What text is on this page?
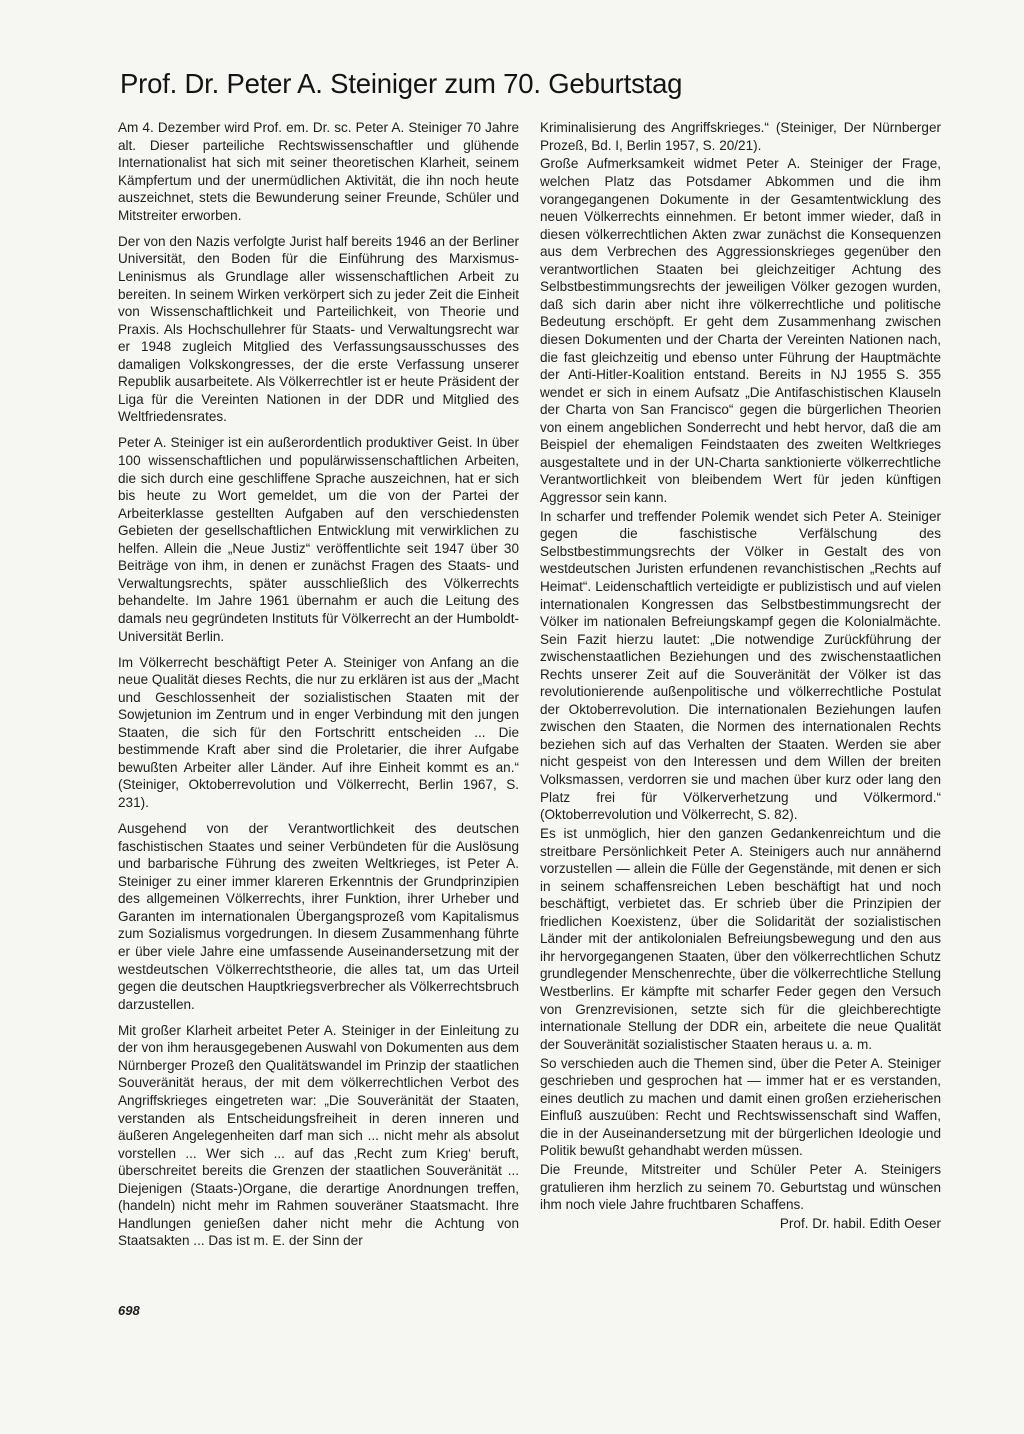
Prof. Dr. Peter A. Steiniger zum 70. Geburtstag

Am 4. Dezember wird Prof. em. Dr. sc. Peter A. Steiniger 70 Jahre alt. Dieser parteiliche Rechtswissenschaftler und glühende Internationalist hat sich mit seiner theoretischen Klarheit, seinem Kämpfertum und der unermüdlichen Aktivität, die ihn noch heute auszeichnet, stets die Bewunderung seiner Freunde, Schüler und Mitstreiter erworben.

Der von den Nazis verfolgte Jurist half bereits 1946 an der Berliner Universität, den Boden für die Einführung des Marxismus-Leninismus als Grundlage aller wissenschaftlichen Arbeit zu bereiten. In seinem Wirken verkörpert sich zu jeder Zeit die Einheit von Wissenschaftlichkeit und Parteilichkeit, von Theorie und Praxis. Als Hochschullehrer für Staats- und Verwaltungsrecht war er 1948 zugleich Mitglied des Verfassungsausschusses des damaligen Volkskongresses, der die erste Verfassung unserer Republik ausarbeitete. Als Völkerrechtler ist er heute Präsident der Liga für die Vereinten Nationen in der DDR und Mitglied des Weltfriedensrates.

Peter A. Steiniger ist ein außerordentlich produktiver Geist. In über 100 wissenschaftlichen und populärwissenschaftlichen Arbeiten, die sich durch eine geschliffene Sprache auszeichnen, hat er sich bis heute zu Wort gemeldet, um die von der Partei der Arbeiterklasse gestellten Aufgaben auf den verschiedensten Gebieten der gesellschaftlichen Entwicklung mit verwirklichen zu helfen. Allein die „Neue Justiz“ veröffentlichte seit 1947 über 30 Beiträge von ihm, in denen er zunächst Fragen des Staats- und Verwaltungsrechts, später ausschließlich des Völkerrechts behandelte. Im Jahre 1961 übernahm er auch die Leitung des damals neu gegründeten Instituts für Völkerrecht an der Humboldt-Universität Berlin.

Im Völkerrecht beschäftigt Peter A. Steiniger von Anfang an die neue Qualität dieses Rechts, die nur zu erklären ist aus der „Macht und Geschlossenheit der sozialistischen Staaten mit der Sowjetunion im Zentrum und in enger Verbindung mit den jungen Staaten, die sich für den Fortschritt entscheiden ... Die bestimmende Kraft aber sind die Proletarier, die ihrer Aufgabe bewußten Arbeiter aller Länder. Auf ihre Einheit kommt es an.“ (Steiniger, Oktoberrevolution und Völkerrecht, Berlin 1967, S. 231).

Ausgehend von der Verantwortlichkeit des deutschen faschistischen Staates und seiner Verbündeten für die Auslösung und barbarische Führung des zweiten Weltkrieges, ist Peter A. Steiniger zu einer immer klareren Erkenntnis der Grundprinzipien des allgemeinen Völkerrechts, ihrer Funktion, ihrer Urheber und Garanten im internationalen Übergangsprozeß vom Kapitalismus zum Sozialismus vorgedrungen. In diesem Zusammenhang führte er über viele Jahre eine umfassende Auseinandersetzung mit der westdeutschen Völkerrechtstheorie, die alles tat, um das Urteil gegen die deutschen Hauptkriegsverbrecher als Völkerrechtsbruch darzustellen.

Mit großer Klarheit arbeitet Peter A. Steiniger in der Einleitung zu der von ihm herausgegebenen Auswahl von Dokumenten aus dem Nürnberger Prozeß den Qualitätswandel im Prinzip der staatlichen Souveränität heraus, der mit dem völkerrechtlichen Verbot des Angriffskrieges eingetreten war: „Die Souveränität der Staaten, verstanden als Entscheidungsfreiheit in deren inneren und äußeren Angelegenheiten darf man sich ... nicht mehr als absolut vorstellen ... Wer sich ... auf das ‚Recht zum Krieg‘ beruft, überschreitet bereits die Grenzen der staatlichen Souveränität ... Diejenigen (Staats-)Organe, die derartige Anordnungen treffen, (handeln) nicht mehr im Rahmen souveräner Staatsmacht. Ihre Handlungen genießen daher nicht mehr die Achtung von Staatsakten ... Das ist m. E. der Sinn der

Kriminalisierung des Angriffskrieges.“ (Steiniger, Der Nürnberger Prozeß, Bd. I, Berlin 1957, S. 20/21).

Große Aufmerksamkeit widmet Peter A. Steiniger der Frage, welchen Platz das Potsdamer Abkommen und die ihm vorangegangenen Dokumente in der Gesamtentwicklung des neuen Völkerrechts einnehmen. Er betont immer wieder, daß in diesen völkerrechtlichen Akten zwar zunächst die Konsequenzen aus dem Verbrechen des Aggressionskrieges gegenüber den verantwortlichen Staaten bei gleichzeitiger Achtung des Selbstbestimmungsrechts der jeweiligen Völker gezogen wurden, daß sich darin aber nicht ihre völkerrechtliche und politische Bedeutung erschöpft. Er geht dem Zusammenhang zwischen diesen Dokumenten und der Charta der Vereinten Nationen nach, die fast gleichzeitig und ebenso unter Führung der Hauptmächte der Anti-Hitler-Koalition entstand. Bereits in NJ 1955 S. 355 wendet er sich in einem Aufsatz „Die Antifaschistischen Klauseln der Charta von San Francisco“ gegen die bürgerlichen Theorien von einem angeblichen Sonderrecht und hebt hervor, daß die am Beispiel der ehemaligen Feindstaaten des zweiten Weltkrieges ausgestaltete und in der UN-Charta sanktionierte völkerrechtliche Verantwortlichkeit von bleibendem Wert für jeden künftigen Aggressor sein kann.

In scharfer und treffender Polemik wendet sich Peter A. Steiniger gegen die faschistische Verfälschung des Selbstbestimmungsrechts der Völker in Gestalt des von westdeutschen Juristen erfundenen revanchistischen „Rechts auf Heimat“. Leidenschaftlich verteidigte er publizistisch und auf vielen internationalen Kongressen das Selbstbestimmungsrecht der Völker im nationalen Befreiungskampf gegen die Kolonialmächte. Sein Fazit hierzu lautet: „Die notwendige Zurückführung der zwischenstaatlichen Beziehungen und des zwischenstaatlichen Rechts unserer Zeit auf die Souveränität der Völker ist das revolutionierende außenpolitische und völkerrechtliche Postulat der Oktoberrevolution. Die internationalen Beziehungen laufen zwischen den Staaten, die Normen des internationalen Rechts beziehen sich auf das Verhalten der Staaten. Werden sie aber nicht gespeist von den Interessen und dem Willen der breiten Volksmassen, verdorren sie und machen über kurz oder lang den Platz frei für Völkerverhetzung und Völkermord.“ (Oktoberrevolution und Völkerrecht, S. 82).

Es ist unmöglich, hier den ganzen Gedankenreichtum und die streitbare Persönlichkeit Peter A. Steinigers auch nur annähernd vorzustellen — allein die Fülle der Gegenstände, mit denen er sich in seinem schaffensreichen Leben beschäftigt hat und noch beschäftigt, verbietet das. Er schrieb über die Prinzipien der friedlichen Koexistenz, über die Solidarität der sozialistischen Länder mit der antikolonialen Befreiungsbewegung und den aus ihr hervorgegangenen Staaten, über den völkerrechtlichen Schutz grundlegender Menschenrechte, über die völkerrechtliche Stellung Westberlins. Er kämpfte mit scharfer Feder gegen den Versuch von Grenzrevisionen, setzte sich für die gleichberechtigte internationale Stellung der DDR ein, arbeitete die neue Qualität der Souveränität sozialistischer Staaten heraus u. a. m.

So verschieden auch die Themen sind, über die Peter A. Steiniger geschrieben und gesprochen hat — immer hat er es verstanden, eines deutlich zu machen und damit einen großen erzieherischen Einfluß auszuüben: Recht und Rechtswissenschaft sind Waffen, die in der Auseinandersetzung mit der bürgerlichen Ideologie und Politik bewußt gehandhabt werden müssen.

Die Freunde, Mitstreiter und Schüler Peter A. Steinigers gratulieren ihm herzlich zu seinem 70. Geburtstag und wünschen ihm noch viele Jahre fruchtbaren Schaffens.

Prof. Dr. habil. Edith Oeser

698
